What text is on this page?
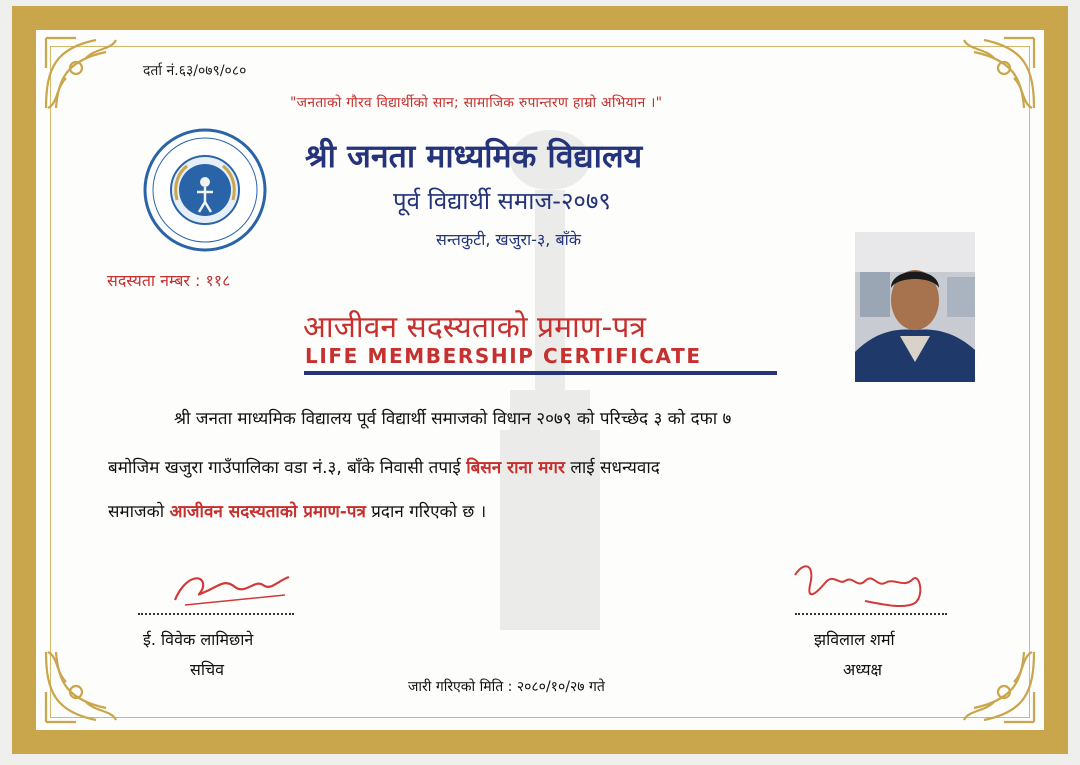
दर्ता नं.६३/०७९/०८०
"जनताको गौरव विद्यार्थीको सान; सामाजिक रुपान्तरण हाम्रो अभियान ।"
श्री जनता माध्यमिक विद्यालय
पूर्व विद्यार्थी समाज-२०७९
सन्तकुटी, खजुरा-३, बाँके
सदस्यता नम्बर : ११८
आजीवन सदस्यताको प्रमाण-पत्र
LIFE MEMBERSHIP CERTIFICATE
श्री जनता माध्यमिक विद्यालय पूर्व विद्यार्थी समाजको विधान २०७९ को परिच्छेद ३ को दफा ७
बमोजिम खजुरा गाउँपालिका वडा नं.३, बाँके निवासी तपाई बिसन राना मगर लाई सधन्यवाद
समाजको आजीवन सदस्यताको प्रमाण-पत्र प्रदान गरिएको छ ।
ई. विवेक लामिछाने
सचिव
झविलाल शर्मा
अध्यक्ष
जारी गरिएको मिति : २०८०/१०/२७ गते
